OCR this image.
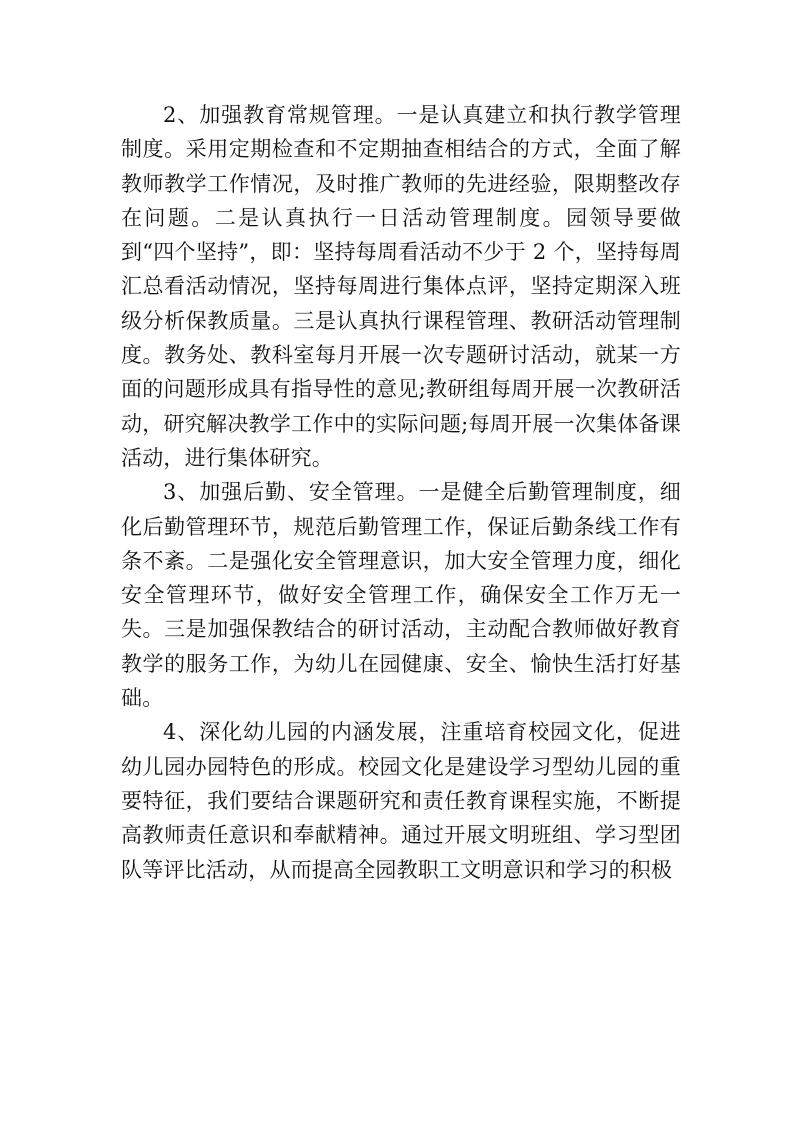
2、加强教育常规管理。一是认真建立和执行教学管理制度。采用定期检查和不定期抽查相结合的方式，全面了解教师教学工作情况，及时推广教师的先进经验，限期整改存在问题。二是认真执行一日活动管理制度。园领导要做到“四个坚持”，即：坚持每周看活动不少于 2 个，坚持每周汇总看活动情况，坚持每周进行集体点评，坚持定期深入班级分析保教质量。三是认真执行课程管理、教研活动管理制度。教务处、教科室每月开展一次专题研讨活动，就某一方面的问题形成具有指导性的意见;教研组每周开展一次教研活动，研究解决教学工作中的实际问题;每周开展一次集体备课活动，进行集体研究。

3、加强后勤、安全管理。一是健全后勤管理制度，细化后勤管理环节，规范后勤管理工作，保证后勤条线工作有条不紊。二是强化安全管理意识，加大安全管理力度，细化安全管理环节，做好安全管理工作，确保安全工作万无一失。三是加强保教结合的研讨活动，主动配合教师做好教育教学的服务工作，为幼儿在园健康、安全、愉快生活打好基础。

4、深化幼儿园的内涵发展，注重培育校园文化，促进幼儿园办园特色的形成。校园文化是建设学习型幼儿园的重要特征，我们要结合课题研究和责任教育课程实施，不断提高教师责任意识和奉献精神。通过开展文明班组、学习型团队等评比活动，从而提高全园教职工文明意识和学习的积极
